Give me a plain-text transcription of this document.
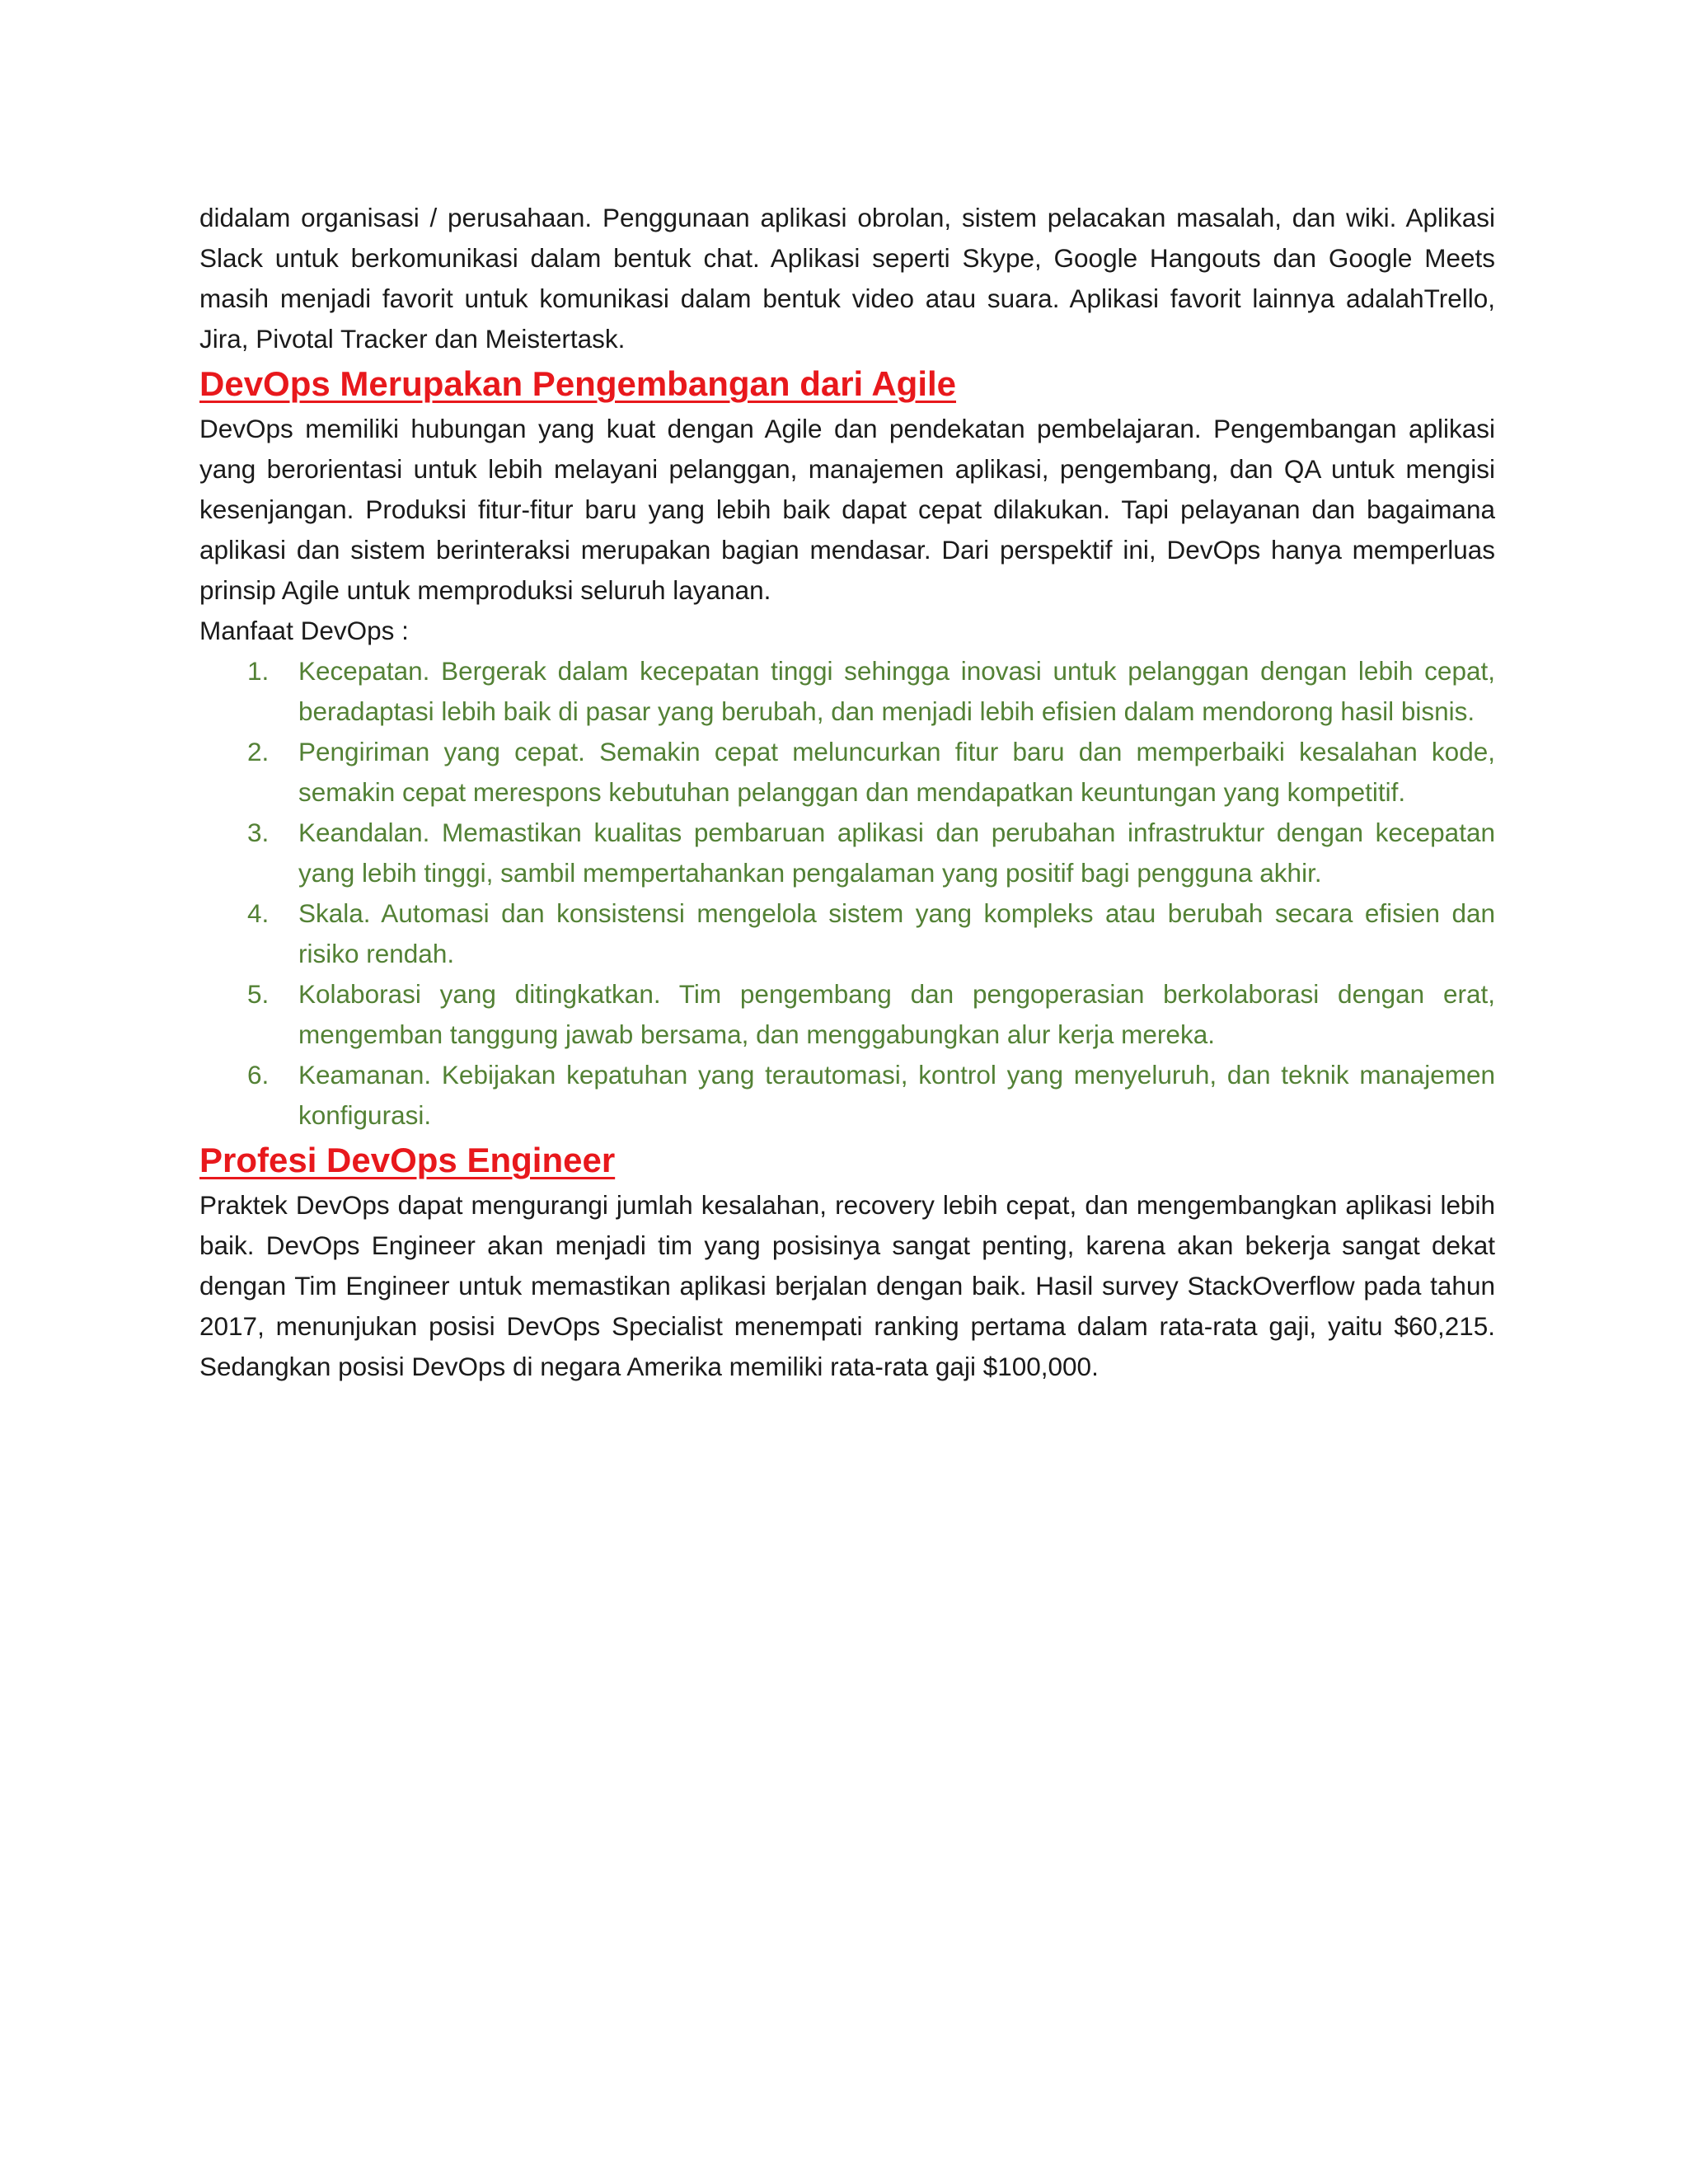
didalam organisasi / perusahaan. Penggunaan aplikasi obrolan, sistem pelacakan masalah, dan wiki. Aplikasi Slack untuk berkomunikasi dalam bentuk chat. Aplikasi seperti Skype, Google Hangouts dan Google Meets masih menjadi favorit untuk komunikasi dalam bentuk video atau suara. Aplikasi favorit lainnya adalahTrello, Jira, Pivotal Tracker dan Meistertask.

DevOps Merupakan Pengembangan dari Agile

DevOps memiliki hubungan yang kuat dengan Agile dan pendekatan pembelajaran. Pengembangan aplikasi yang berorientasi untuk lebih melayani pelanggan, manajemen aplikasi, pengembang, dan QA untuk mengisi kesenjangan. Produksi fitur-fitur baru yang lebih baik dapat cepat dilakukan. Tapi pelayanan dan bagaimana aplikasi dan sistem berinteraksi merupakan bagian mendasar. Dari perspektif ini, DevOps hanya memperluas prinsip Agile untuk memproduksi seluruh layanan.

Manfaat DevOps :

1. Kecepatan. Bergerak dalam kecepatan tinggi sehingga inovasi untuk pelanggan dengan lebih cepat, beradaptasi lebih baik di pasar yang berubah, dan menjadi lebih efisien dalam mendorong hasil bisnis.
2. Pengiriman yang cepat. Semakin cepat meluncurkan fitur baru dan memperbaiki kesalahan kode, semakin cepat merespons kebutuhan pelanggan dan mendapatkan keuntungan yang kompetitif.
3. Keandalan. Memastikan kualitas pembaruan aplikasi dan perubahan infrastruktur dengan kecepatan yang lebih tinggi, sambil mempertahankan pengalaman yang positif bagi pengguna akhir.
4. Skala. Automasi dan konsistensi mengelola sistem yang kompleks atau berubah secara efisien dan risiko rendah.
5. Kolaborasi yang ditingkatkan. Tim pengembang dan pengoperasian berkolaborasi dengan erat, mengemban tanggung jawab bersama, dan menggabungkan alur kerja mereka.
6. Keamanan. Kebijakan kepatuhan yang terautomasi, kontrol yang menyeluruh, dan teknik manajemen konfigurasi.
Profesi DevOps Engineer

Praktek DevOps dapat mengurangi jumlah kesalahan, recovery lebih cepat, dan mengembangkan aplikasi lebih baik. DevOps Engineer akan menjadi tim yang posisinya sangat penting, karena akan bekerja sangat dekat dengan Tim Engineer untuk memastikan aplikasi berjalan dengan baik. Hasil survey StackOverflow pada tahun 2017, menunjukan posisi DevOps Specialist menempati ranking pertama dalam rata-rata gaji, yaitu $60,215. Sedangkan posisi DevOps di negara Amerika memiliki rata-rata gaji $100,000.
